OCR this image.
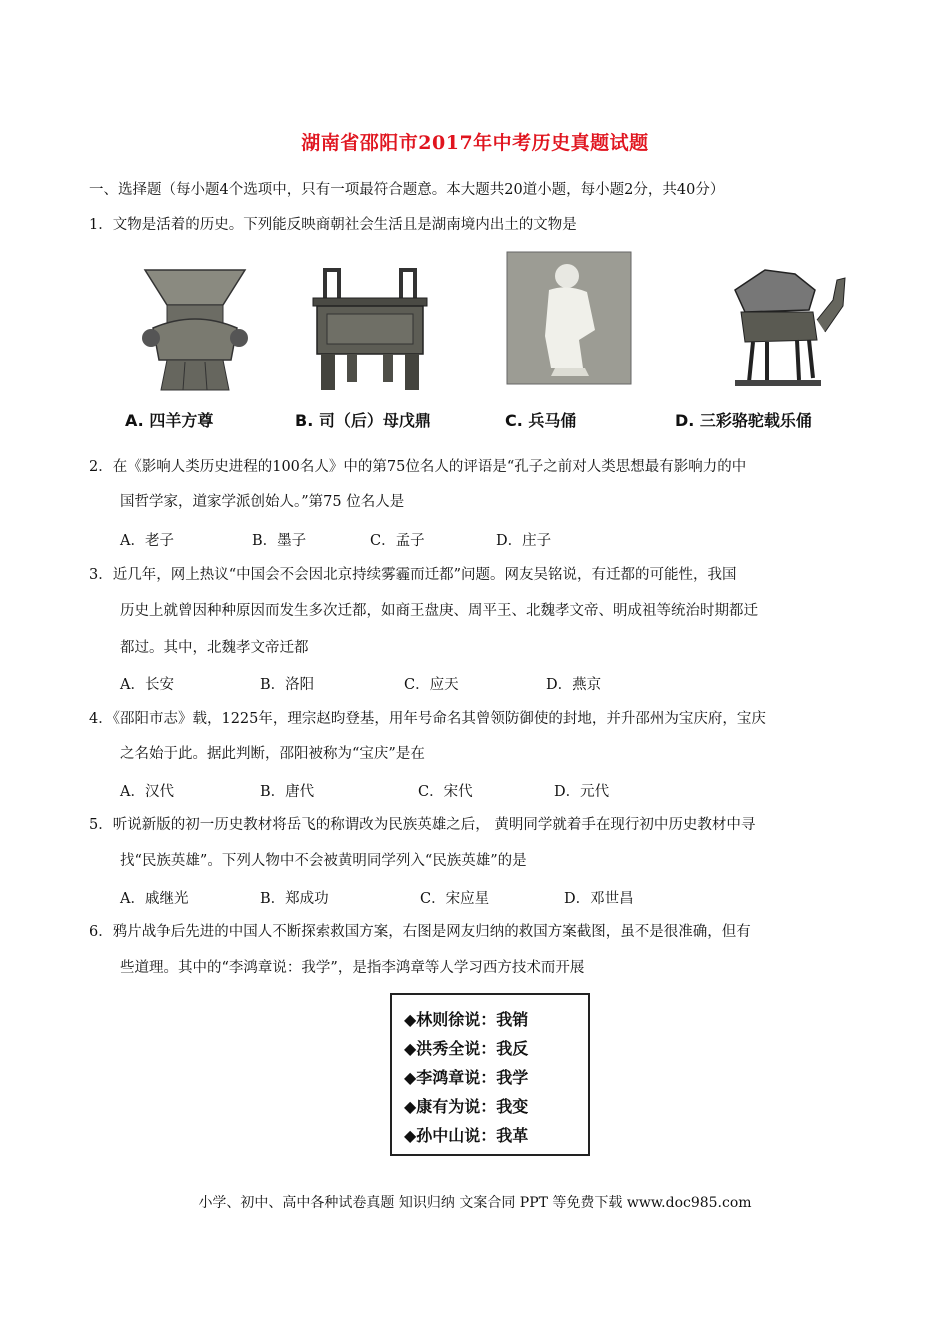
湖南省邵阳市2017年中考历史真题试题
一、选择题（每小题4个选项中，只有一项最符合题意。本大题共20道小题，每小题2分，共40分）
1．文物是活着的历史。下列能反映商朝社会生活且是湖南境内出土的文物是
A. 四羊方尊	B. 司（后）母戊鼎	C. 兵马俑	D. 三彩骆驼载乐俑
2．在《影响人类历史进程的100名人》中的第75位名人的评语是“孔子之前对人类思想最有影响力的中
国哲学家，道家学派创始人。”第75 位名人是
A．老子	B．墨子	C．孟子	D．庄子
3．近几年，网上热议“中国会不会因北京持续雾霾而迁都”问题。网友吴铭说，有迁都的可能性，我国
历史上就曾因种种原因而发生多次迁都，如商王盘庚、周平王、北魏孝文帝、明成祖等统治时期都迁
都过。其中，北魏孝文帝迁都
A．长安	B．洛阳	C．应天	D．燕京
4．《邵阳市志》载，1225年，理宗赵昀登基，用年号命名其曾领防御使的封地，并升邵州为宝庆府，宝庆
之名始于此。据此判断，邵阳被称为“宝庆”是在
A．汉代	B．唐代	C．宋代	D．元代
5．听说新版的初一历史教材将岳飞的称谓改为民族英雄之后， 黄明同学就着手在现行初中历史教材中寻
找“民族英雄”。下列人物中不会被黄明同学列入“民族英雄”的是
A．戚继光	B．郑成功	C．宋应星	D．邓世昌
6．鸦片战争后先进的中国人不断探索救国方案，右图是网友归纳的救国方案截图，虽不是很准确，但有
些道理。其中的“李鸿章说：我学”，是指李鸿章等人学习西方技术而开展
◆林则徐说：我销
◆洪秀全说：我反
◆李鸿章说：我学
◆康有为说：我变
◆孙中山说：我革
小学、初中、高中各种试卷真题 知识归纳 文案合同 PPT 等免费下载 www.doc985.com
